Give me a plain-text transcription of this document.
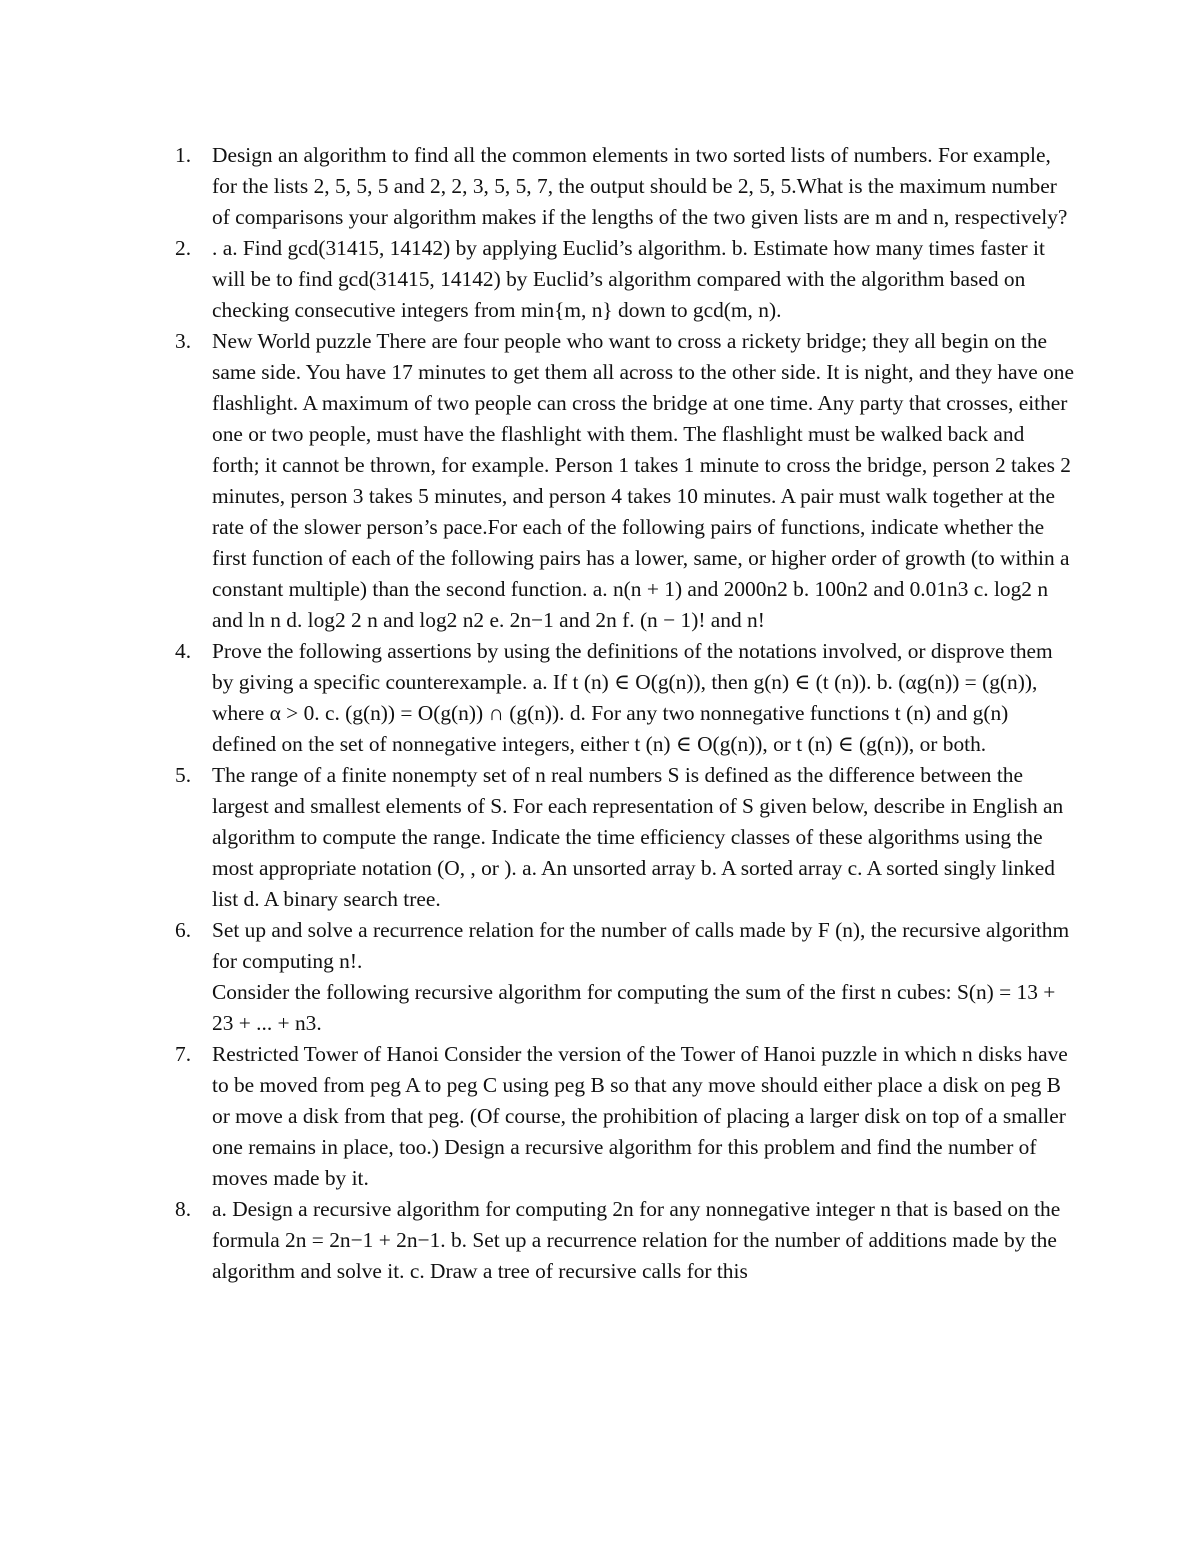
1. Design an algorithm to find all the common elements in two sorted lists of numbers. For example, for the lists 2, 5, 5, 5 and 2, 2, 3, 5, 5, 7, the output should be 2, 5, 5.What is the maximum number of comparisons your algorithm makes if the lengths of the two given lists are m and n, respectively?
2. . a. Find gcd(31415, 14142) by applying Euclid’s algorithm. b. Estimate how many times faster it will be to find gcd(31415, 14142) by Euclid’s algorithm compared with the algorithm based on checking consecutive integers from min{m, n} down to gcd(m, n).
3. New World puzzle There are four people who want to cross a rickety bridge; they all begin on the same side. You have 17 minutes to get them all across to the other side. It is night, and they have one flashlight. A maximum of two people can cross the bridge at one time. Any party that crosses, either one or two people, must have the flashlight with them. The flashlight must be walked back and forth; it cannot be thrown, for example. Person 1 takes 1 minute to cross the bridge, person 2 takes 2 minutes, person 3 takes 5 minutes, and person 4 takes 10 minutes. A pair must walk together at the rate of the slower person’s pace.For each of the following pairs of functions, indicate whether the first function of each of the following pairs has a lower, same, or higher order of growth (to within a constant multiple) than the second function. a. n(n + 1) and 2000n2 b. 100n2 and 0.01n3 c. log2 n and ln n d. log2 2 n and log2 n2 e. 2n−1 and 2n f. (n − 1)! and n!
4. Prove the following assertions by using the definitions of the notations involved, or disprove them by giving a specific counterexample. a. If t (n) ∈ O(g(n)), then g(n) ∈ (t (n)). b. (αg(n)) = (g(n)), where α > 0. c. (g(n)) = O(g(n)) ∩ (g(n)). d. For any two nonnegative functions t (n) and g(n) defined on the set of nonnegative integers, either t (n) ∈ O(g(n)), or t (n) ∈ (g(n)), or both.
5. The range of a finite nonempty set of n real numbers S is defined as the difference between the largest and smallest elements of S. For each representation of S given below, describe in English an algorithm to compute the range. Indicate the time efficiency classes of these algorithms using the most appropriate notation (O, , or ). a. An unsorted array b. A sorted array c. A sorted singly linked list d. A binary search tree.
6. Set up and solve a recurrence relation for the number of calls made by F (n), the recursive algorithm for computing n!.
Consider the following recursive algorithm for computing the sum of the first n cubes: S(n) = 13 + 23 + ... + n3.
7. Restricted Tower of Hanoi Consider the version of the Tower of Hanoi puzzle in which n disks have to be moved from peg A to peg C using peg B so that any move should either place a disk on peg B or move a disk from that peg. (Of course, the prohibition of placing a larger disk on top of a smaller one remains in place, too.) Design a recursive algorithm for this problem and find the number of moves made by it.
8. a. Design a recursive algorithm for computing 2n for any nonnegative integer n that is based on the formula 2n = 2n−1 + 2n−1. b. Set up a recurrence relation for the number of additions made by the algorithm and solve it. c. Draw a tree of recursive calls for this
